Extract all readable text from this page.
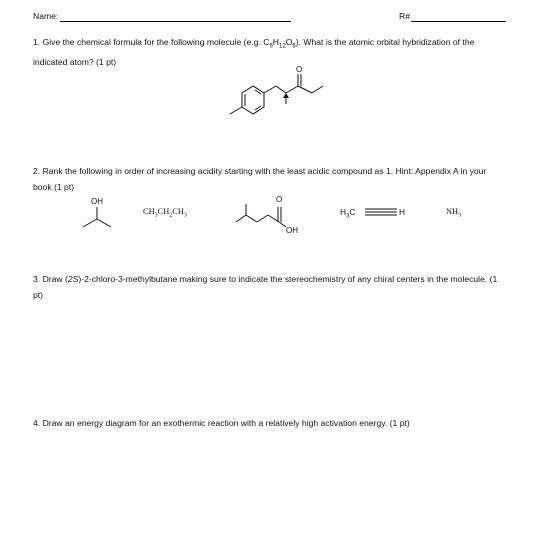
Name:	R#

1. Give the chemical formula for the following molecule (e.g. $C_6H_{12}O_6$). What is the atomic orbital hybridization of the indicated atom? (1 pt)

O

2. Rank the following in order of increasing acidity starting with the least acidic compound as 1. Hint: Appendix A in your book (1 pt)

OH
$CH_3CH_2CH_3$
O
OH
$H_3C$	H	$NH_3$

3. Draw (2S)-2-chloro-3-methylbutane making sure to indicate the stereochemistry of any chiral centers in the molecule. (1 pt)

4. Draw an energy diagram for an exothermic reaction with a relatively high activation energy. (1 pt)
